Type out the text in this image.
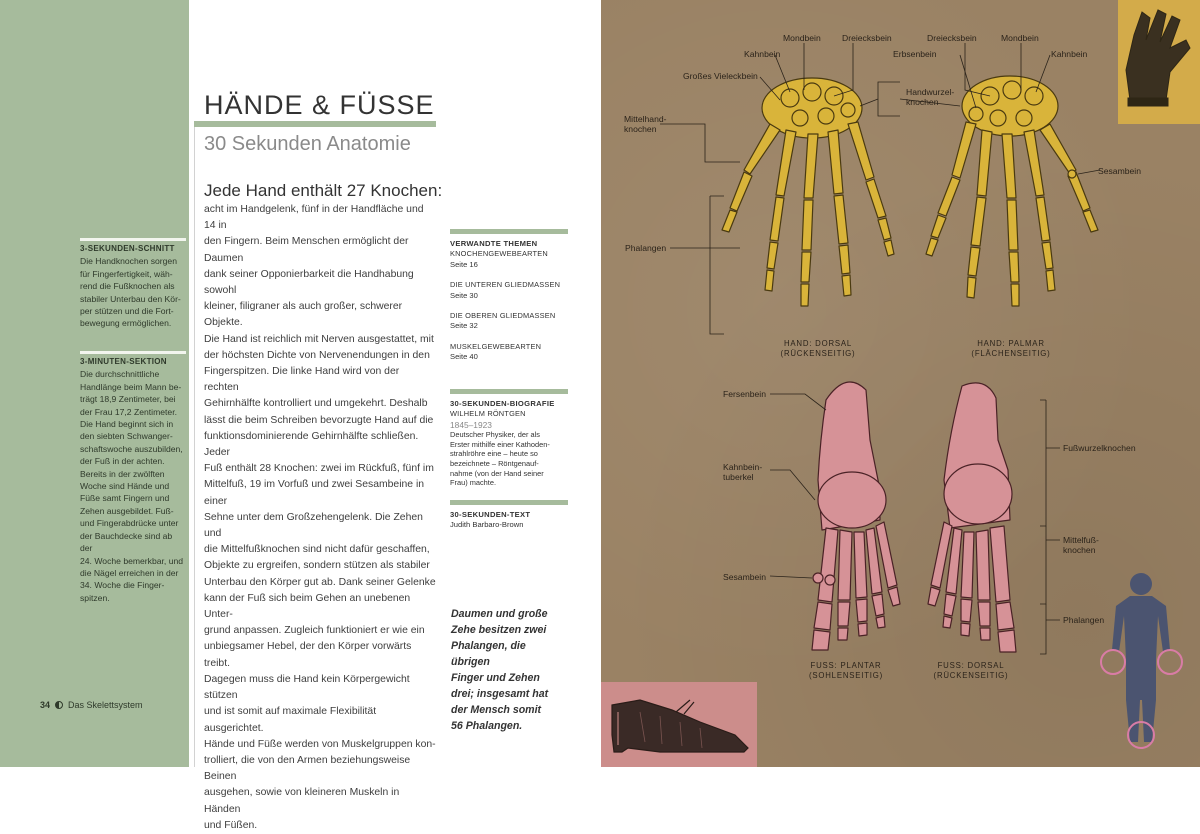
3-SEKUNDEN-SCHNITT
Die Handknochen sorgen
für Fingerfertigkeit, wäh-
rend die Fußknochen als
stabiler Unterbau den Kör-
per stützen und die Fort-
bewegung ermöglichen.
3-MINUTEN-SEKTION
Die durchschnittliche
Handlänge beim Mann be-
trägt 18,9 Zentimeter, bei
der Frau 17,2 Zentimeter.
Die Hand beginnt sich in
den siebten Schwanger-
schaftswoche auszubilden,
der Fuß in der achten.
Bereits in der zwölften
Woche sind Hände und
Füße samt Fingern und
Zehen ausgebildet. Fuß-
und Fingerabdrücke unter
der Bauchdecke sind ab der
24. Woche bemerkbar, und
die Nägel erreichen in der
34. Woche die Finger-
spitzen.
34 Das Skelettsystem
HÄNDE & FÜSSE
30 Sekunden Anatomie
Jede Hand enthält 27 Knochen:
acht im Handgelenk, fünf in der Handfläche und 14 in
den Fingern. Beim Menschen ermöglicht der Daumen
dank seiner Opponierbarkeit die Handhabung sowohl
kleiner, filigraner als auch großer, schwerer Objekte.
Die Hand ist reichlich mit Nerven ausgestattet, mit
der höchsten Dichte von Nervenendungen in den
Fingerspitzen. Die linke Hand wird von der rechten
Gehirnhälfte kontrolliert und umgekehrt. Deshalb
lässt die beim Schreiben bevorzugte Hand auf die
funktionsdominierende Gehirnhälfte schließen. Jeder
Fuß enthält 28 Knochen: zwei im Rückfuß, fünf im
Mittelfuß, 19 im Vorfuß und zwei Sesambeine in einer
Sehne unter dem Großzehengelenk. Die Zehen und
die Mittelfußknochen sind nicht dafür geschaffen,
Objekte zu ergreifen, sondern stützen als stabiler
Unterbau den Körper gut ab. Dank seiner Gelenke
kann der Fuß sich beim Gehen an unebenen Unter-
grund anpassen. Zugleich funktioniert er wie ein
unbiegsamer Hebel, der den Körper vorwärts treibt.
Dagegen muss die Hand kein Körpergewicht stützen
und ist somit auf maximale Flexibilität ausgerichtet.
Hände und Füße werden von Muskelgruppen kon-
trolliert, die von den Armen beziehungsweise Beinen
ausgehen, sowie von kleineren Muskeln in Händen
und Füßen.
VERWANDTE THEMEN
KNOCHENGEWEBEARTEN
Seite 16
DIE UNTEREN GLIEDMASSEN
Seite 30
DIE OBEREN GLIEDMASSEN
Seite 32
MUSKELGEWEBEARTEN
Seite 40
30-SEKUNDEN-BIOGRAFIE
WILHELM RÖNTGEN
1845–1923
Deutscher Physiker, der als
Erster mithilfe einer Kathoden-
strahlröhre eine – heute so
bezeichnete – Röntgenauf-
nahme (von der Hand seiner
Frau) machte.
30-SEKUNDEN-TEXT
Judith Barbaro-Brown
Daumen und große
Zehe besitzen zwei
Phalangen, die übrigen
Finger und Zehen
drei; insgesamt hat
der Mensch somit
56 Phalangen.
Mondbein Dreiecksbein	Dreiecksbein	Mondbein
Kahnbein	Erbsenbein	Kahnbein
Großes Vieleckbein
Handwurzel-
knochen
Mittelhand-
knochen
Sesambein
Phalangen
HAND: DORSAL
(RÜCKENSEITIG)
HAND: PALMAR
(FLÄCHENSEITIG)
Fersenbein
Kahnbein-
tuberkel
Sesambein
Fußwurzelknochen
Mittelfuß-
knochen
Phalangen
FUSS: PLANTAR
(SOHLENSEITIG)
FUSS: DORSAL
(RÜCKENSEITIG)
